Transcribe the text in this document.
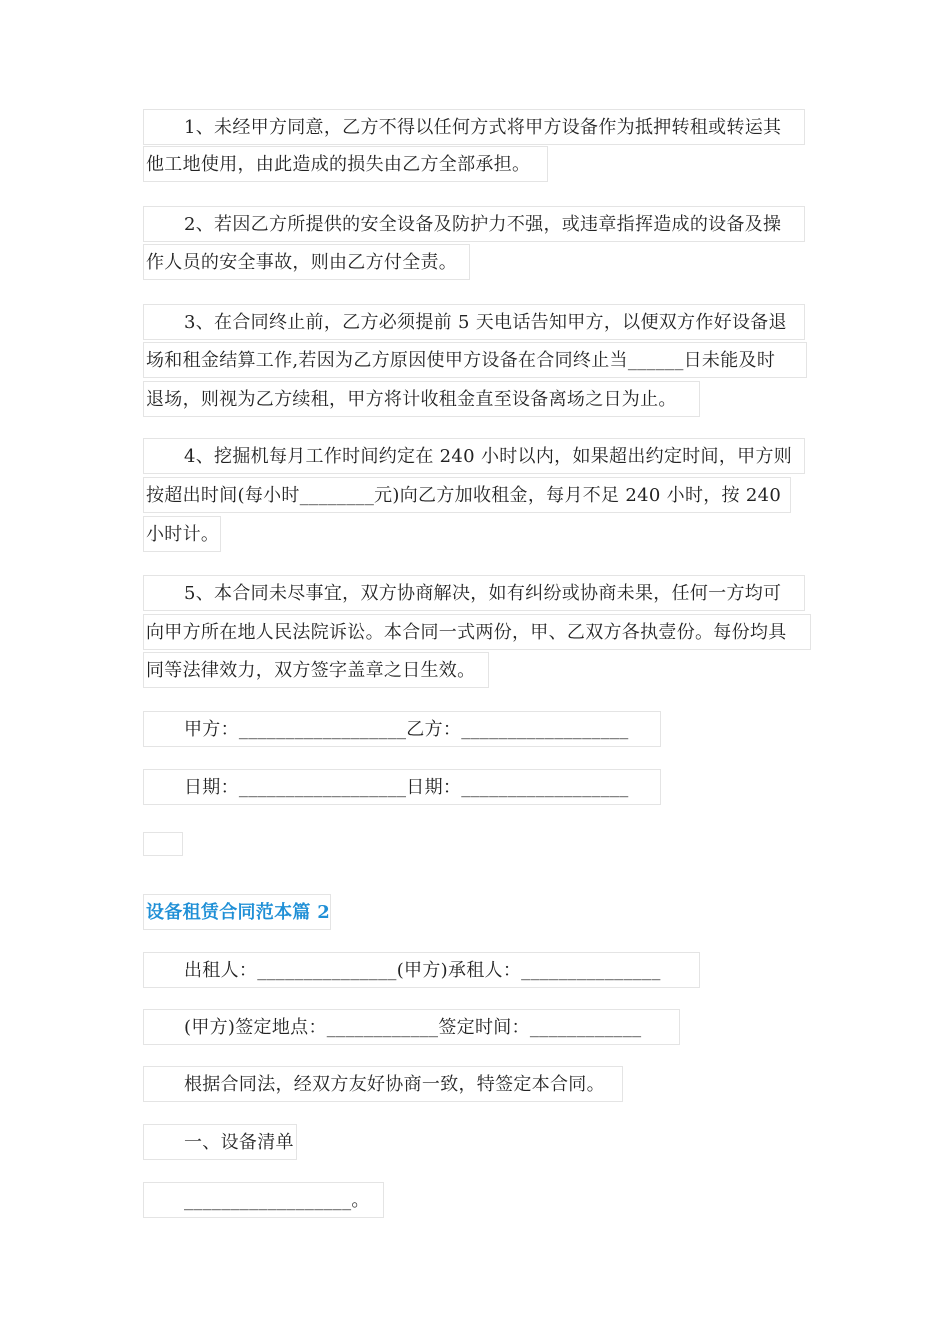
1、未经甲方同意，乙方不得以任何方式将甲方设备作为抵押转租或转运其
他工地使用，由此造成的损失由乙方全部承担。
2、若因乙方所提供的安全设备及防护力不强，或违章指挥造成的设备及操
作人员的安全事故，则由乙方付全责。
3、在合同终止前，乙方必须提前 5 天电话告知甲方，以便双方作好设备退
场和租金结算工作,若因为乙方原因使甲方设备在合同终止当______日未能及时
退场，则视为乙方续租，甲方将计收租金直至设备离场之日为止。
4、挖掘机每月工作时间约定在 240 小时以内，如果超出约定时间，甲方则
按超出时间(每小时________元)向乙方加收租金，每月不足 240 小时，按 240
小时计。
5、本合同未尽事宜，双方协商解决，如有纠纷或协商未果，任何一方均可
向甲方所在地人民法院诉讼。本合同一式两份，甲、乙双方各执壹份。每份均具
同等法律效力，双方签字盖章之日生效。
甲方：__________________乙方：__________________
日期：__________________日期：__________________
设备租赁合同范本篇 2
出租人：_______________(甲方)承租人：_______________
(甲方)签定地点：____________签定时间：____________
根据合同法，经双方友好协商一致，特签定本合同。
一、设备清单
__________________。
